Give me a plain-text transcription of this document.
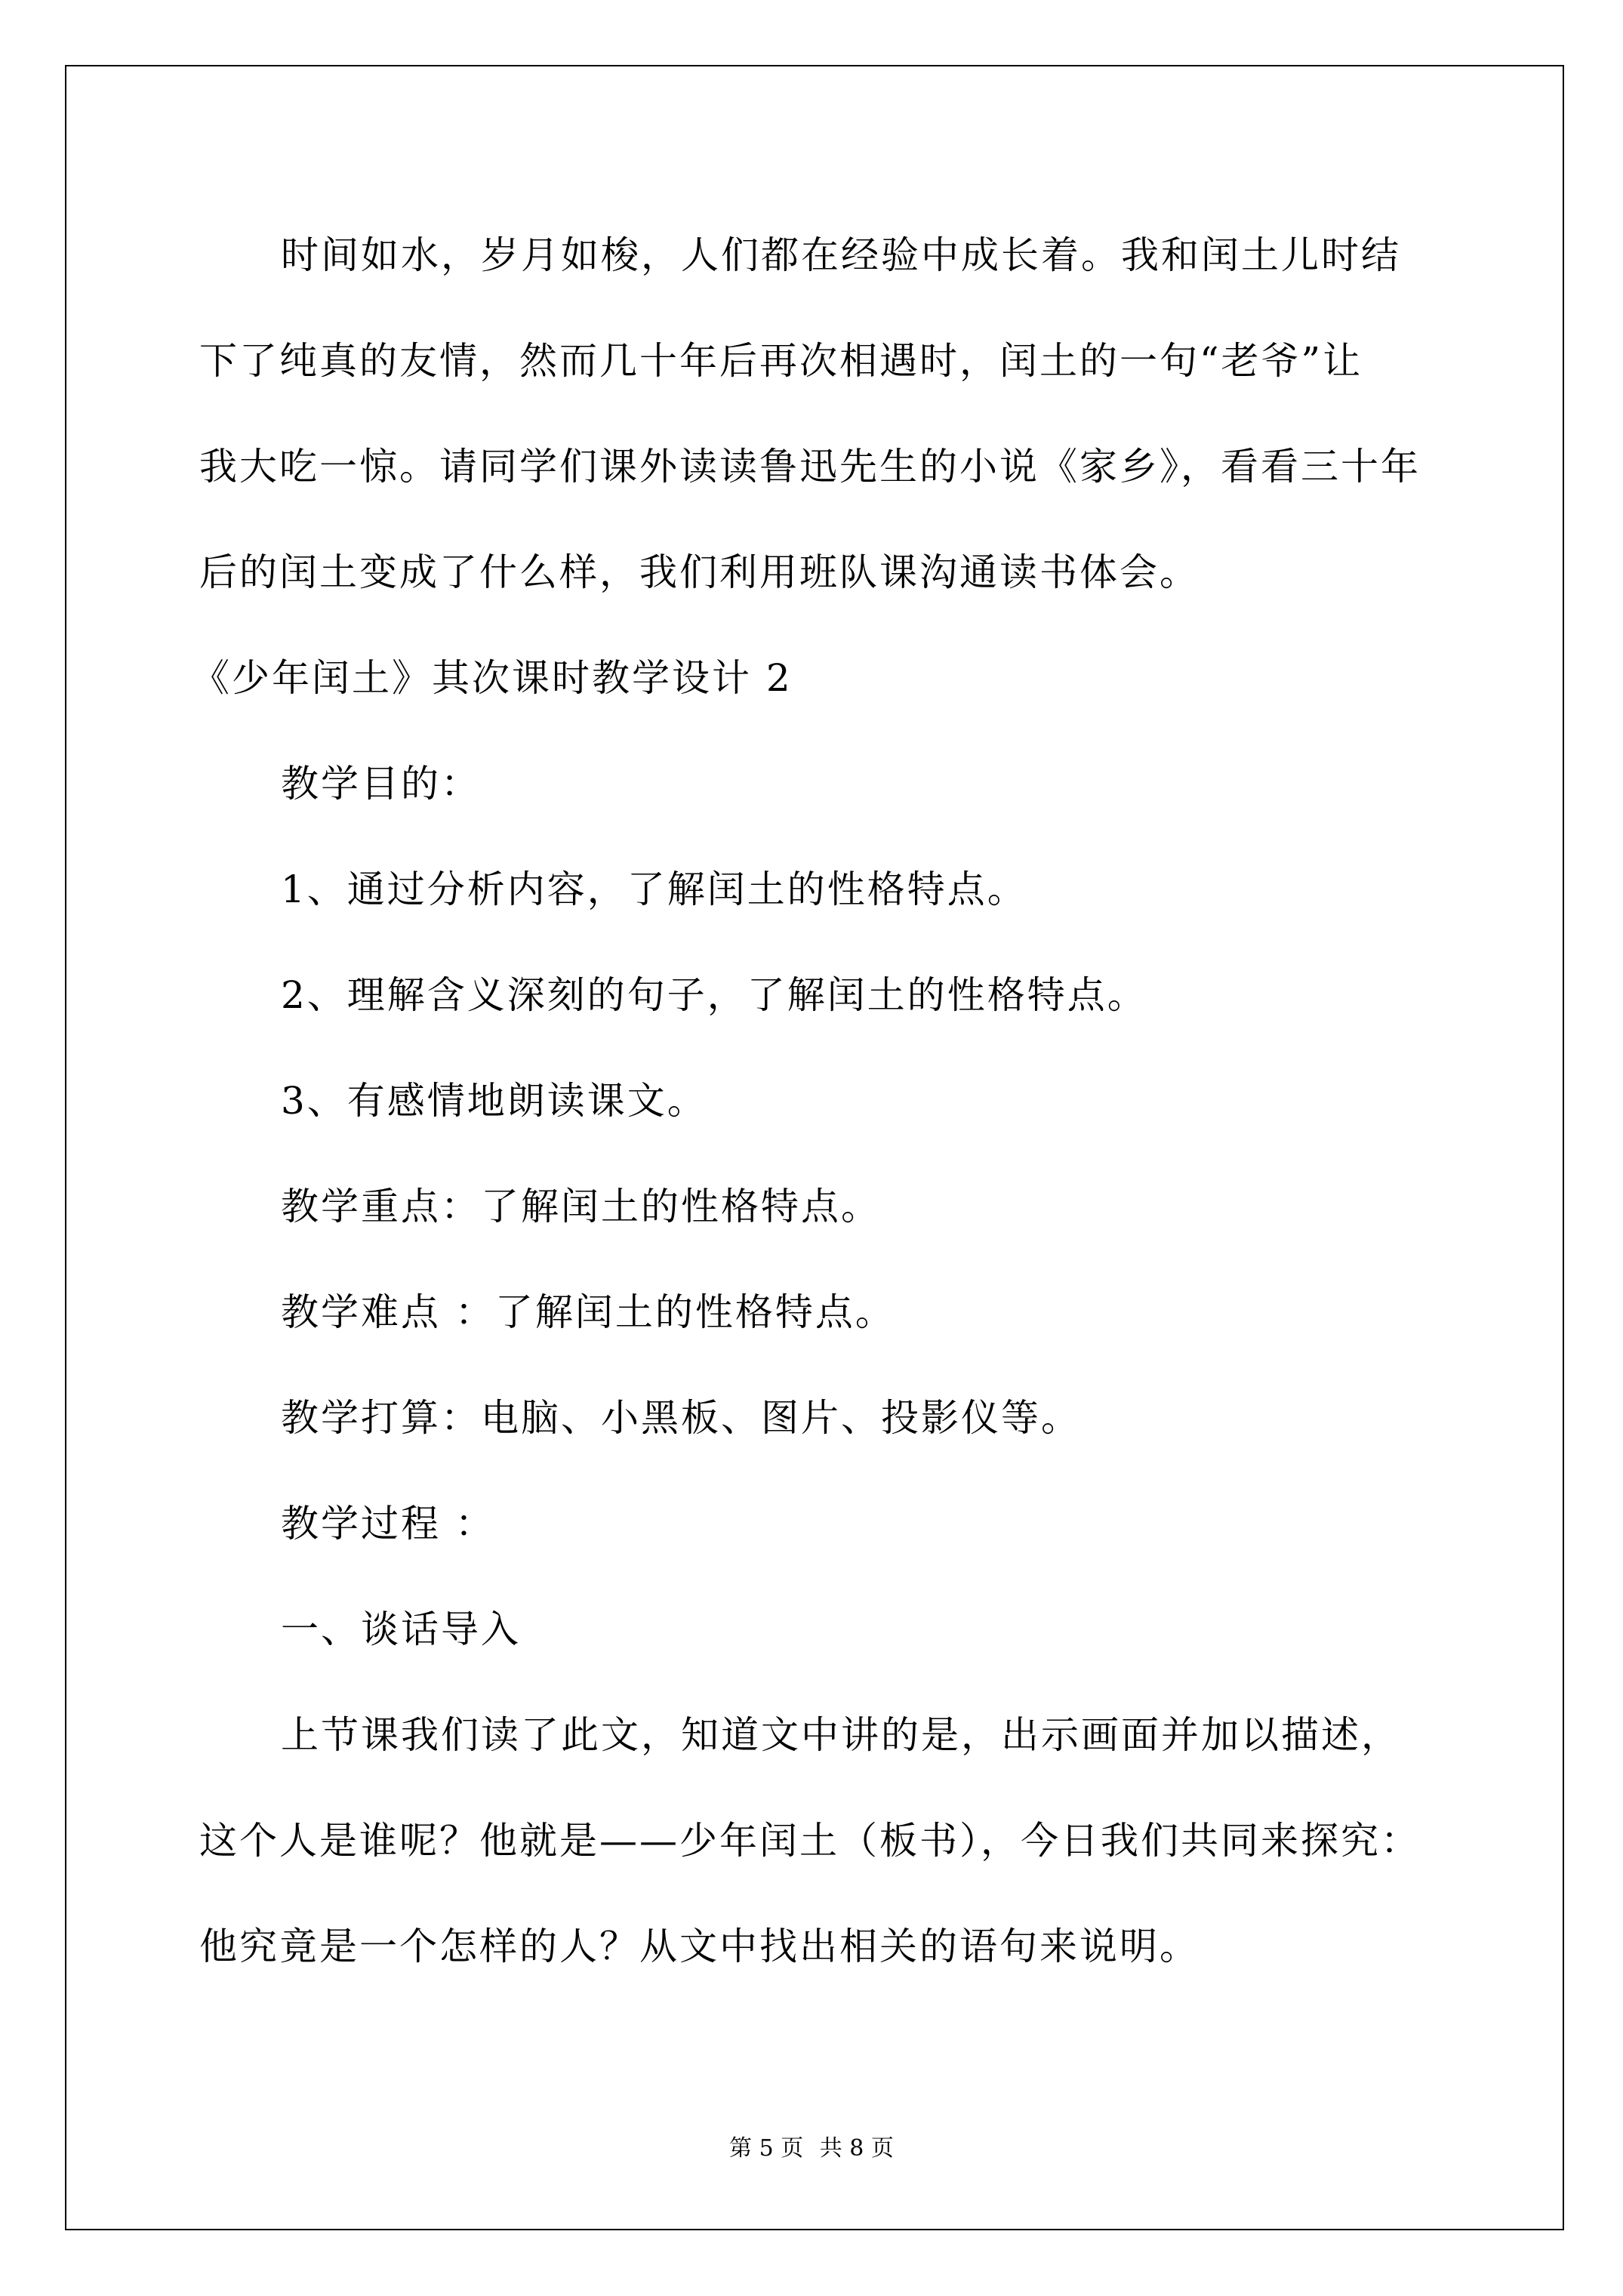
时间如水，岁月如梭，人们都在经验中成长着。我和闰土儿时结
下了纯真的友情，然而几十年后再次相遇时，闰土的一句“老爷”让
我大吃一惊。请同学们课外读读鲁迅先生的小说《家乡》，看看三十年
后的闰土变成了什么样，我们利用班队课沟通读书体会。
《少年闰土》其次课时教学设计 2
教学目的：
1、通过分析内容，了解闰土的性格特点。
2、理解含义深刻的句子，了解闰土的性格特点。
3、有感情地朗读课文。
教学重点：了解闰土的性格特点。
教学难点 ：了解闰土的性格特点。
教学打算：电脑、小黑板、图片、投影仪等。
教学过程 ：
一、谈话导入
上节课我们读了此文，知道文中讲的是，出示画面并加以描述，
这个人是谁呢？他就是——少年闰土（板书），今日我们共同来探究：
他究竟是一个怎样的人？从文中找出相关的语句来说明。
第 5 页 共 8 页
